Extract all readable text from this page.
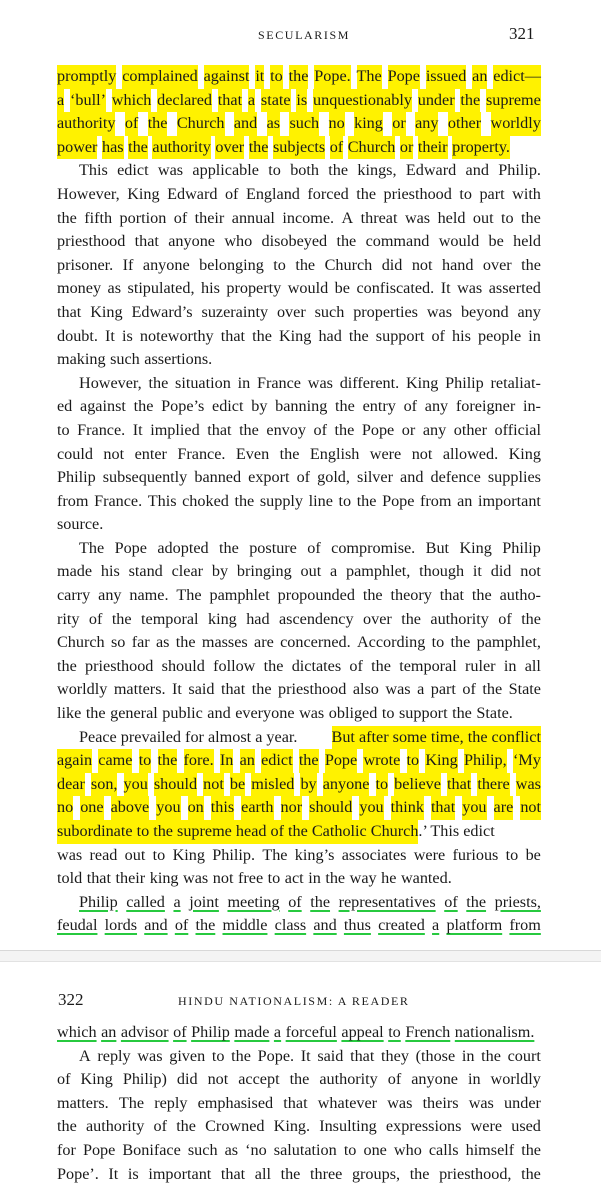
SECULARISM	321
promptly complained against it to the Pope. The Pope issued an edict—
a ‘bull’ which declared that a state is unquestionably under the supreme
authority of the Church and as such no king or any other worldly
power has the authority over the subjects of Church or their property.
This edict was applicable to both the kings, Edward and Philip.
However, King Edward of England forced the priesthood to part with
the fifth portion of their annual income. A threat was held out to the
priesthood that anyone who disobeyed the command would be held
prisoner. If anyone belonging to the Church did not hand over the
money as stipulated, his property would be confiscated. It was asserted
that King Edward’s suzerainty over such properties was beyond any
doubt. It is noteworthy that the King had the support of his people in
making such assertions.
However, the situation in France was different. King Philip retaliat-
ed against the Pope’s edict by banning the entry of any foreigner in-
to France. It implied that the envoy of the Pope or any other official
could not enter France. Even the English were not allowed. King
Philip subsequently banned export of gold, silver and defence supplies
from France. This choked the supply line to the Pope from an important
source.
The Pope adopted the posture of compromise. But King Philip
made his stand clear by bringing out a pamphlet, though it did not
carry any name. The pamphlet propounded the theory that the autho-
rity of the temporal king had ascendency over the authority of the
Church so far as the masses are concerned. According to the pamphlet,
the priesthood should follow the dictates of the temporal ruler in all
worldly matters. It said that the priesthood also was a part of the State
like the general public and everyone was obliged to support the State.
Peace prevailed for almost a year. But after some time, the conflict
again came to the fore. In an edict the Pope wrote to King Philip, ‘My
dear son, you should not be misled by anyone to believe that there was
no one above you on this earth nor should you think that you are not
subordinate to the supreme head of the Catholic Church .’ This edict
was read out to King Philip. The king’s associates were furious to be
told that their king was not free to act in the way he wanted.
Philip called a joint meeting of the representatives of the priests,
feudal lords and of the middle class and thus created a platform from
322	HINDU NATIONALISM: A READER
which an advisor of Philip made a forceful appeal to French nationalism.
A reply was given to the Pope. It said that they (those in the court
of King Philip) did not accept the authority of anyone in worldly
matters. The reply emphasised that whatever was theirs was under
the authority of the Crowned King. Insulting expressions were used
for Pope Boniface such as ‘no salutation to one who calls himself the
Pope’. It is important that all the three groups, the priesthood, the
